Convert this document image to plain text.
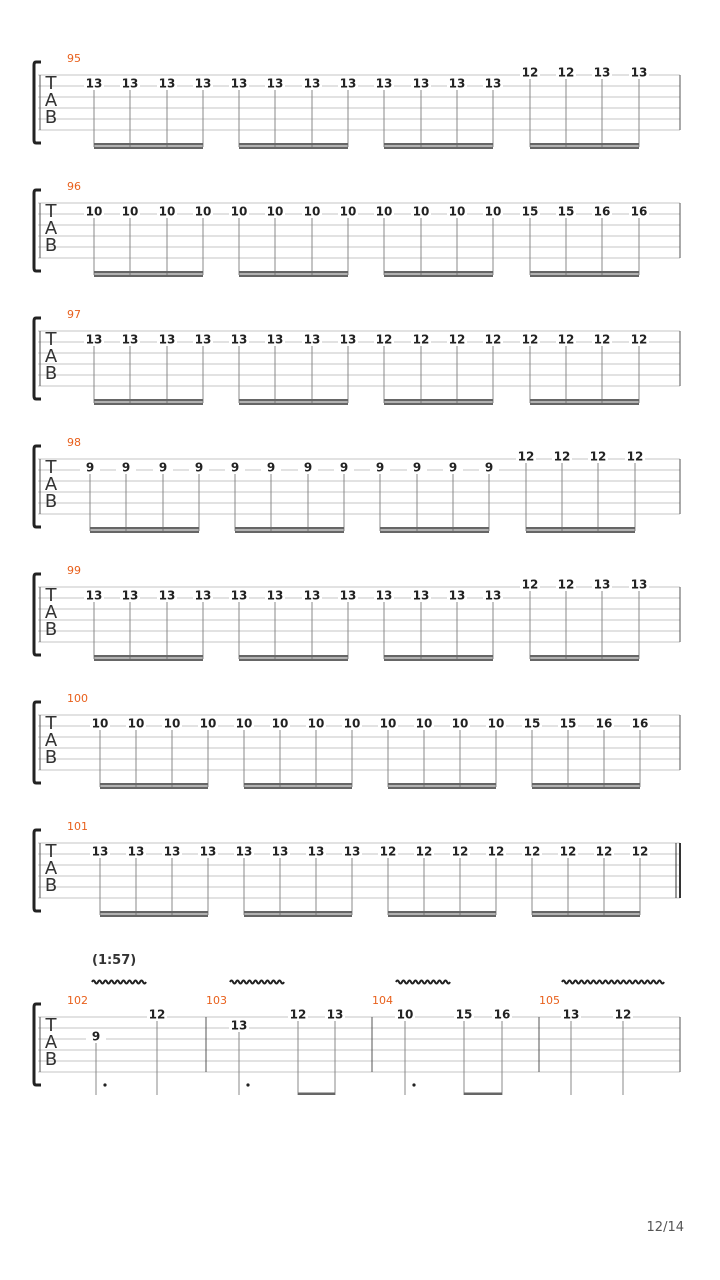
T
A
B
95
13 13 13 13 13 13 13 13 13 13 13 13
12 12 13 13
T
A
B
96
10 10 10 10 10 10 10 10 10 10 10 10 15 15 16 16
T
A
B
97
13 13 13 13 13 13 13 13 12 12 12 12 12 12 12 12
T
A
B
98
9 9 9 9 9 9 9 9 9 9 9 9
12 12 12 12
T
A
B
99
13 13 13 13 13 13 13 13 13 13 13 13
12 12 13 13
T
A
B
100
10 10 10 10 10 10 10 10 10 10 10 10 15 15 16 16
T
A
B
101
13 13 13 13 13 13 13 13 12 12 12 12 12 12 12 12
T
A
B
(1:57)
102
9
12
103
13
12 13
104
10	15 16
105
13	12
12/14
